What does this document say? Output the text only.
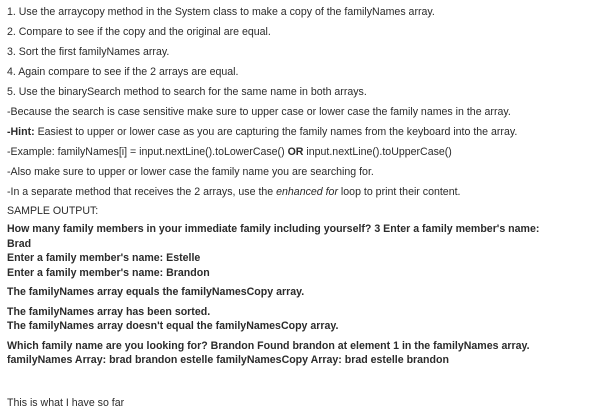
1. Use the arraycopy method in the System class to make a copy of the familyNames array.

2. Compare to see if the copy and the original are equal.

3. Sort the first familyNames array.

4. Again compare to see if the 2 arrays are equal.

5. Use the binarySearch method to search for the same name in both arrays.

-Because the search is case sensitive make sure to upper case or lower case the family names in the array.

-Hint: Easiest to upper or lower case as you are capturing the family names from the keyboard into the array.

-Example: familyNames[i] = input.nextLine().toLowerCase() OR input.nextLine().toUpperCase()

-Also make sure to upper or lower case the family name you are searching for.

-In a separate method that receives the 2 arrays, use the enhanced for loop to print their content.

SAMPLE OUTPUT:

How many family members in your immediate family including yourself? 3 Enter a family member's name:
Brad
Enter a family member's name: Estelle
Enter a family member's name: Brandon
The familyNames array equals the familyNamesCopy array.
The familyNames array has been sorted.
The familyNames array doesn't equal the familyNamesCopy array.
Which family name are you looking for? Brandon Found brandon at element 1 in the familyNames array.
familyNames Array: brad brandon estelle familyNamesCopy Array: brad estelle brandon
This is what I have so far
